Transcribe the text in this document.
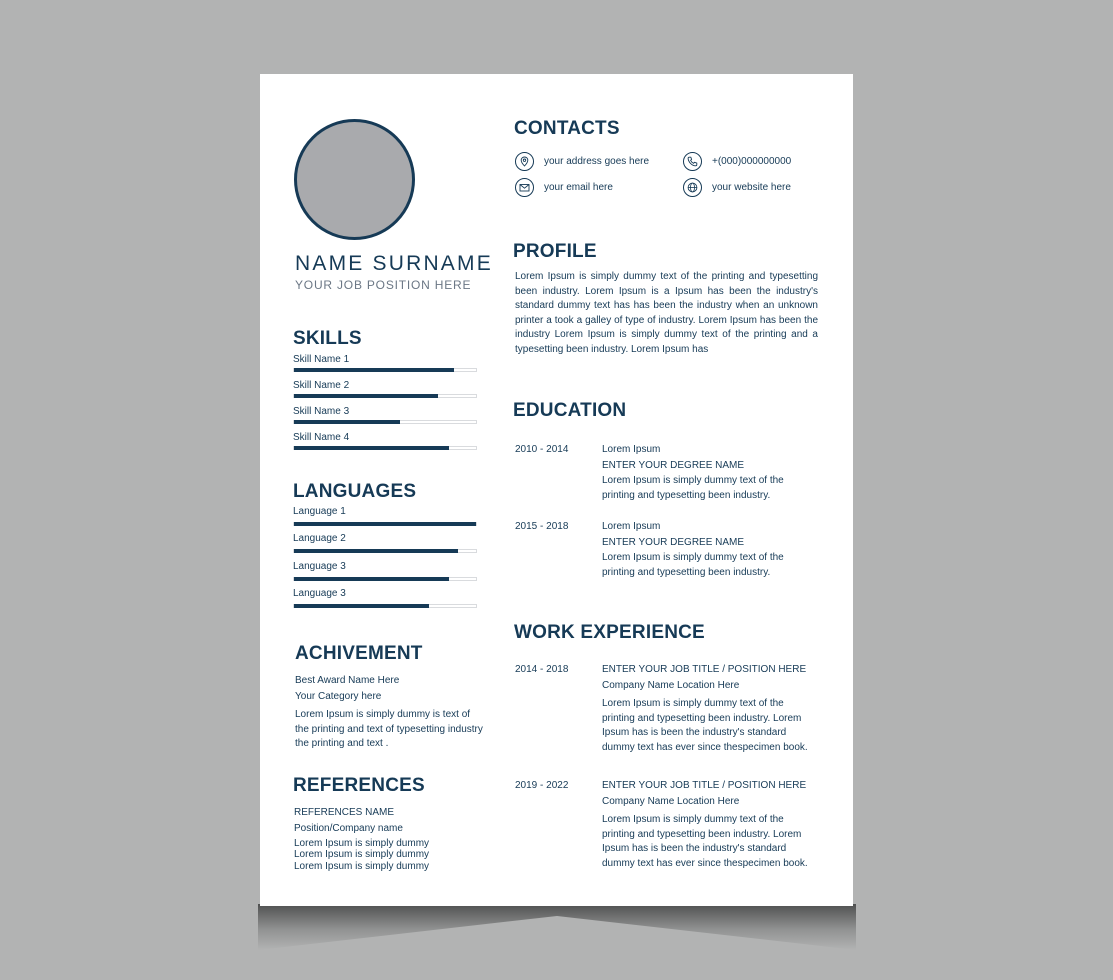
NAME SURNAME
YOUR JOB POSITION HERE
SKILLS
Skill Name 1
Skill Name 2
Skill Name 3
Skill Name 4
LANGUAGES
Language 1
Language 2
Language 3
Language 3
ACHIVEMENT
Best Award Name Here
Your Category here
Lorem Ipsum is simply dummy is text of the printing and text of typesetting industry the printing and text .
REFERENCES
REFERENCES NAME
Position/Company name
Lorem Ipsum is simply dummy
Lorem Ipsum is simply dummy
Lorem Ipsum is simply dummy
CONTACTS
your address goes here	+(000)000000000
your email here	your website here
PROFILE
Lorem Ipsum is simply dummy text of the printing and typesetting been industry. Lorem Ipsum is a Ipsum has been the industry's standard dummy text has has been the industry when an unknown printer a took a galley of type of industry. Lorem Ipsum has been the industry Lorem Ipsum is simply dummy text of the printing and a typesetting been industry. Lorem Ipsum has
EDUCATION
2010 - 2014	Lorem Ipsum
ENTER YOUR DEGREE NAME
Lorem Ipsum is simply dummy text of the printing and typesetting been industry.
2015 - 2018	Lorem Ipsum
ENTER YOUR DEGREE NAME
Lorem Ipsum is simply dummy text of the printing and typesetting been industry.
WORK EXPERIENCE
2014 - 2018	ENTER YOUR JOB TITLE / POSITION HERE
Company Name Location Here
Lorem Ipsum is simply dummy text of the printing and typesetting been industry. Lorem Ipsum has is been the industry's standard dummy text has ever since thespecimen book.
2019 - 2022	ENTER YOUR JOB TITLE / POSITION HERE
Company Name Location Here
Lorem Ipsum is simply dummy text of the printing and typesetting been industry. Lorem Ipsum has is been the industry's standard dummy text has ever since thespecimen book.
